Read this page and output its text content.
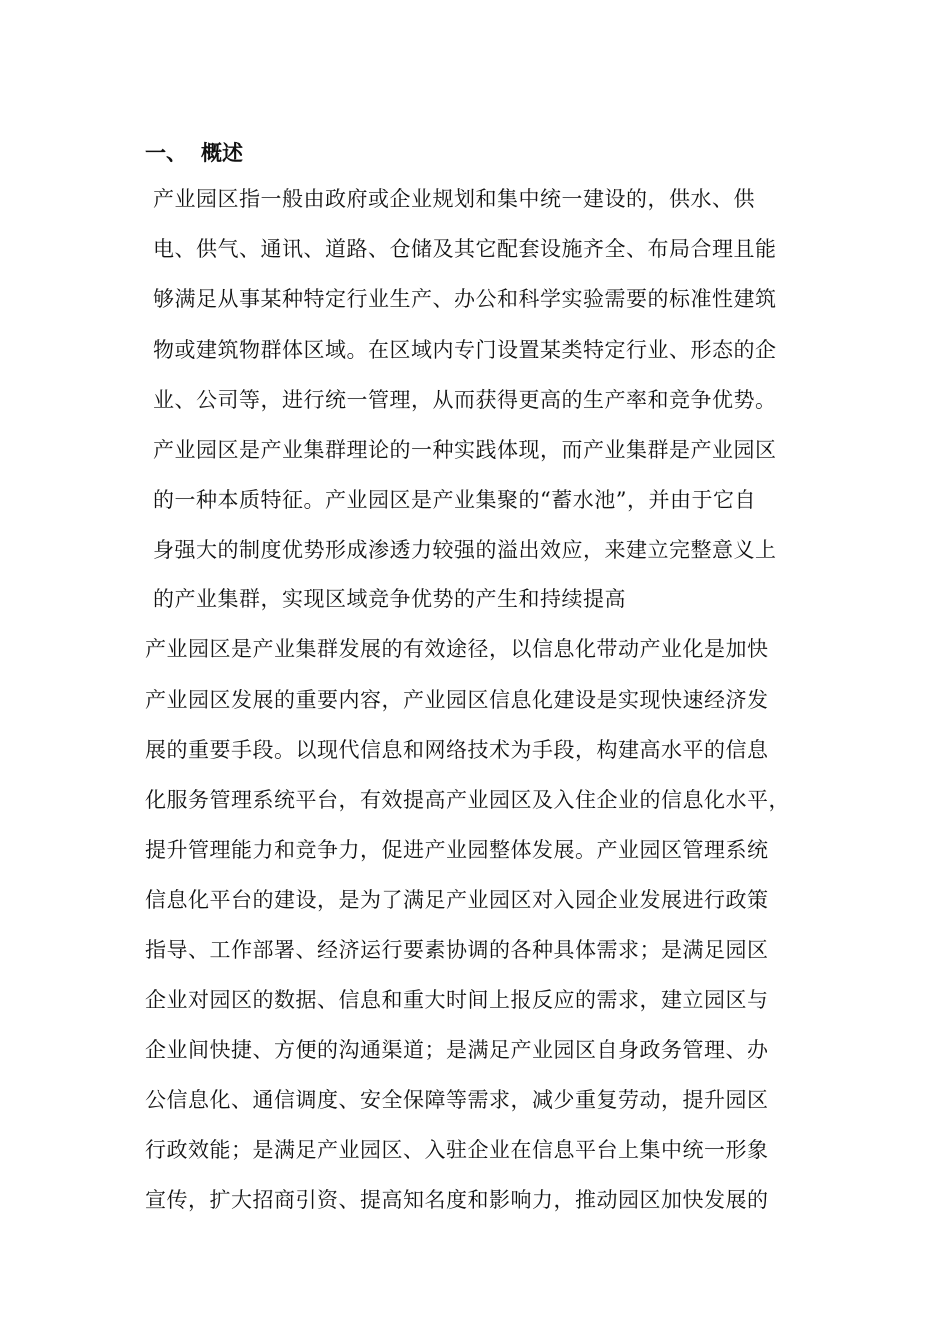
一、 概述
产业园区指一般由政府或企业规划和集中统一建设的，供水、供
电、供气、通讯、道路、仓储及其它配套设施齐全、布局合理且能
够满足从事某种特定行业生产、办公和科学实验需要的标准性建筑
物或建筑物群体区域。在区域内专门设置某类特定行业、形态的企
业、公司等，进行统一管理，从而获得更高的生产率和竞争优势。
产业园区是产业集群理论的一种实践体现，而产业集群是产业园区
的一种本质特征。产业园区是产业集聚的“蓄水池”，并由于它自
身强大的制度优势形成渗透力较强的溢出效应，来建立完整意义上
的产业集群，实现区域竞争优势的产生和持续提高
产业园区是产业集群发展的有效途径，以信息化带动产业化是加快
产业园区发展的重要内容，产业园区信息化建设是实现快速经济发
展的重要手段。以现代信息和网络技术为手段，构建高水平的信息
化服务管理系统平台，有效提高产业园区及入住企业的信息化水平，
提升管理能力和竞争力，促进产业园整体发展。产业园区管理系统
信息化平台的建设，是为了满足产业园区对入园企业发展进行政策
指导、工作部署、经济运行要素协调的各种具体需求；是满足园区
企业对园区的数据、信息和重大时间上报反应的需求，建立园区与
企业间快捷、方便的沟通渠道；是满足产业园区自身政务管理、办
公信息化、通信调度、安全保障等需求，减少重复劳动，提升园区
行政效能；是满足产业园区、入驻企业在信息平台上集中统一形象
宣传，扩大招商引资、提高知名度和影响力，推动园区加快发展的
